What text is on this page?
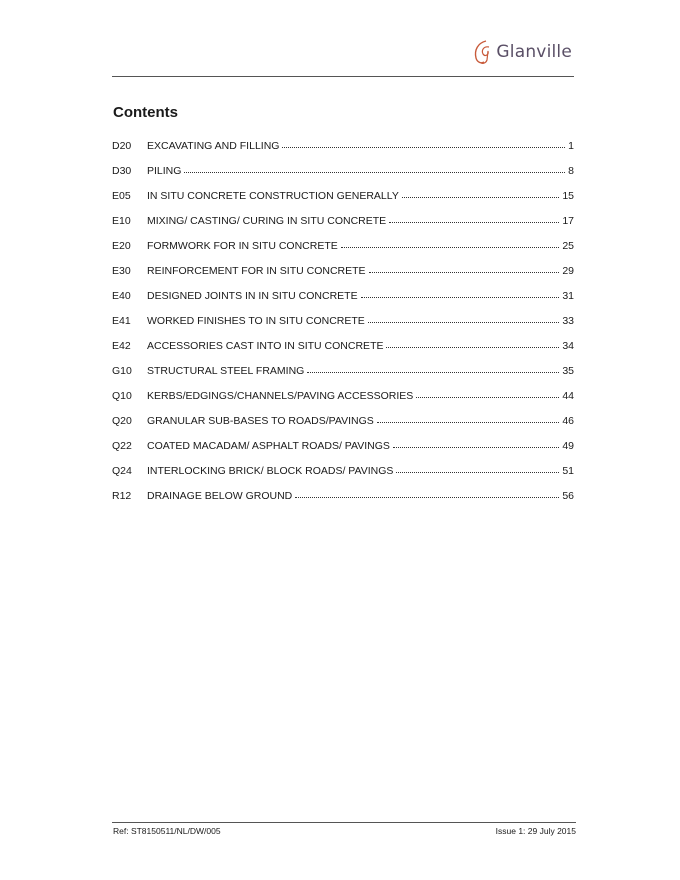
Glanville
Contents
D20	EXCAVATING AND FILLING	1
D30	PILING	8
E05	IN SITU CONCRETE CONSTRUCTION GENERALLY	15
E10	MIXING/ CASTING/ CURING IN SITU CONCRETE	17
E20	FORMWORK FOR IN SITU CONCRETE	25
E30	REINFORCEMENT FOR IN SITU CONCRETE	29
E40	DESIGNED JOINTS IN IN SITU CONCRETE	31
E41	WORKED FINISHES TO IN SITU CONCRETE	33
E42	ACCESSORIES CAST INTO IN SITU CONCRETE	34
G10	STRUCTURAL STEEL FRAMING	35
Q10	KERBS/EDGINGS/CHANNELS/PAVING ACCESSORIES	44
Q20	GRANULAR SUB-BASES TO ROADS/PAVINGS	46
Q22	COATED MACADAM/ ASPHALT ROADS/ PAVINGS	49
Q24	INTERLOCKING BRICK/ BLOCK ROADS/ PAVINGS	51
R12	DRAINAGE BELOW GROUND	56
Ref: ST8150511/NL/DW/005	Issue 1: 29 July 2015
